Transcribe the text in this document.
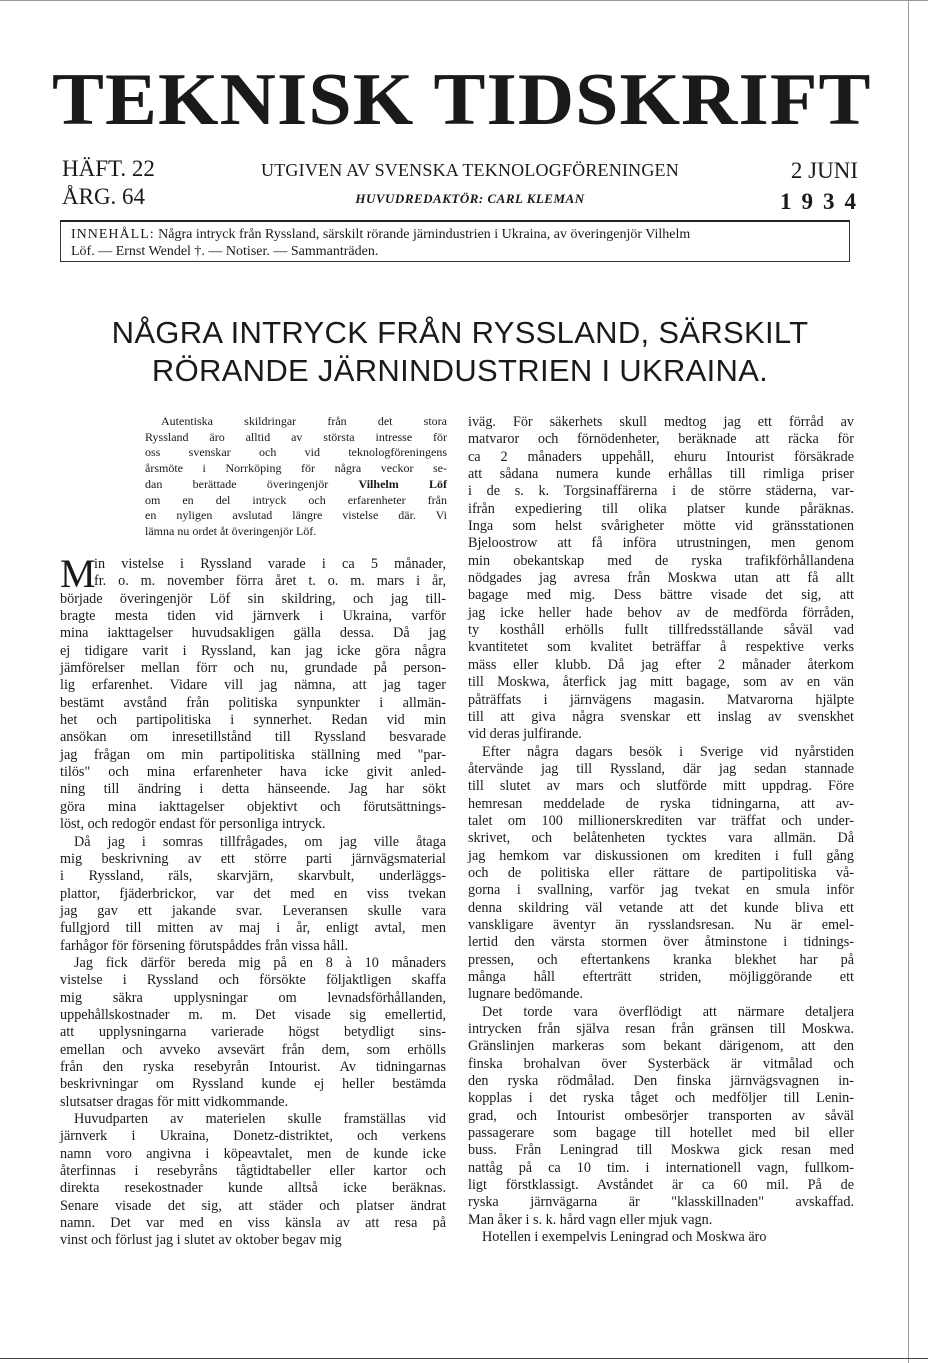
TEKNISK TIDSKRIFT
HÄFT. 22
ÅRG. 64
UTGIVEN AV SVENSKA TEKNOLOGFÖRENINGEN
HUVUDREDAKTÖR: CARL KLEMAN
2 JUNI
1934
INNEHÅLL: Några intryck från Ryssland, särskilt rörande järnindustrien i Ukraina, av överingenjör Vilhelm
Löf. — Ernst Wendel †. — Notiser. — Sammanträden.
NÅGRA INTRYCK FRÅN RYSSLAND, SÄRSKILT
RÖRANDE JÄRNINDUSTRIEN I UKRAINA.
Autentiska skildringar från det stora
Ryssland äro alltid av största intresse för
oss svenskar och vid teknologföreningens
årsmöte i Norrköping för några veckor se-
dan berättade överingenjör Vilhelm Löf
om en del intryck och erfarenheter från
en nyligen avslutad längre vistelse där. Vi
lämna nu ordet åt överingenjör Löf.
M
in vistelse i Ryssland varade i ca 5 månader,
fr. o. m. november förra året t. o. m. mars i år,
började överingenjör Löf sin skildring, och jag till-
bragte mesta tiden vid järnverk i Ukraina, varför
mina iakttagelser huvudsakligen gälla dessa. Då jag
ej tidigare varit i Ryssland, kan jag icke göra några
jämförelser mellan förr och nu, grundade på person-
lig erfarenhet. Vidare vill jag nämna, att jag tager
bestämt avstånd från politiska synpunkter i allmän-
het och partipolitiska i synnerhet. Redan vid min
ansökan om inresetillstånd till Ryssland besvarade
jag frågan om min partipolitiska ställning med "par-
tilös" och mina erfarenheter hava icke givit anled-
ning till ändring i detta hänseende. Jag har sökt
göra mina iakttagelser objektivt och förutsättnings-
löst, och redogör endast för personliga intryck.
Då jag i somras tillfrågades, om jag ville åtaga
mig beskrivning av ett större parti järnvägsmaterial
i Ryssland, räls, skarvjärn, skarvbult, underläggs-
plattor, fjäderbrickor, var det med en viss tvekan
jag gav ett jakande svar. Leveransen skulle vara
fullgjord till mitten av maj i år, enligt avtal, men
farhågor för försening förutspåddes från vissa håll.
Jag fick därför bereda mig på en 8 à 10 månaders
vistelse i Ryssland och försökte följaktligen skaffa
mig säkra upplysningar om levnadsförhållanden,
uppehållskostnader m. m. Det visade sig emellertid,
att upplysningarna varierade högst betydligt sins-
emellan och avveko avsevärt från dem, som erhölls
från den ryska resebyrån Intourist. Av tidningarnas
beskrivningar om Ryssland kunde ej heller bestämda
slutsatser dragas för mitt vidkommande.
Huvudparten av materielen skulle framställas vid
järnverk i Ukraina, Donetz-distriktet, och verkens
namn voro angivna i köpeavtalet, men de kunde icke
återfinnas i resebyråns tågtidtabeller eller kartor och
direkta resekostnader kunde alltså icke beräknas.
Senare visade det sig, att städer och platser ändrat
namn. Det var med en viss känsla av att resa på
vinst och förlust jag i slutet av oktober begav mig
iväg. För säkerhets skull medtog jag ett förråd av
matvaror och förnödenheter, beräknade att räcka för
ca 2 månaders uppehåll, ehuru Intourist försäkrade
att sådana numera kunde erhållas till rimliga priser
i de s. k. Torgsinaffärerna i de större städerna, var-
ifrån expediering till olika platser kunde påräknas.
Inga som helst svårigheter mötte vid gränsstationen
Bjeloostrow att få införa utrustningen, men genom
min obekantskap med de ryska trafikförhållandena
nödgades jag avresa från Moskwa utan att få allt
bagage med mig. Dess bättre visade det sig, att
jag icke heller hade behov av de medförda förråden,
ty kosthåll erhölls fullt tillfredsställande såväl vad
kvantitetet som kvalitet beträffar å respektive verks
mäss eller klubb. Då jag efter 2 månader återkom
till Moskwa, återfick jag mitt bagage, som av en vän
påträffats i järnvägens magasin. Matvarorna hjälpte
till att giva några svenskar ett inslag av svenskhet
vid deras julfirande.
Efter några dagars besök i Sverige vid nyårstiden
återvände jag till Ryssland, där jag sedan stannade
till slutet av mars och slutförde mitt uppdrag. Före
hemresan meddelade de ryska tidningarna, att av-
talet om 100 millionerskrediten var träffat och under-
skrivet, och belåtenheten tycktes vara allmän. Då
jag hemkom var diskussionen om krediten i full gång
och de politiska eller rättare de partipolitiska vå-
gorna i svallning, varför jag tvekat en smula inför
denna skildring väl vetande att det kunde bliva ett
vanskligare äventyr än rysslandsresan. Nu är emel-
lertid den värsta stormen över åtminstone i tidnings-
pressen, och eftertankens kranka blekhet har på
många håll efterträtt striden, möjliggörande ett
lugnare bedömande.
Det torde vara överflödigt att närmare detaljera
intrycken från själva resan från gränsen till Moskwa.
Gränslinjen markeras som bekant därigenom, att den
finska brohalvan över Systerbäck är vitmålad och
den ryska rödmålad. Den finska järnvägsvagnen in-
kopplas i det ryska tåget och medföljer till Lenin-
grad, och Intourist ombesörjer transporten av såväl
passagerare som bagage till hotellet med bil eller
buss. Från Leningrad till Moskwa gick resan med
nattåg på ca 10 tim. i internationell vagn, fullkom-
ligt förstklassigt. Avståndet är ca 60 mil. På de
ryska järnvägarna är "klasskillnaden" avskaffad.
Man åker i s. k. hård vagn eller mjuk vagn.
Hotellen i exempelvis Leningrad och Moskwa äro
